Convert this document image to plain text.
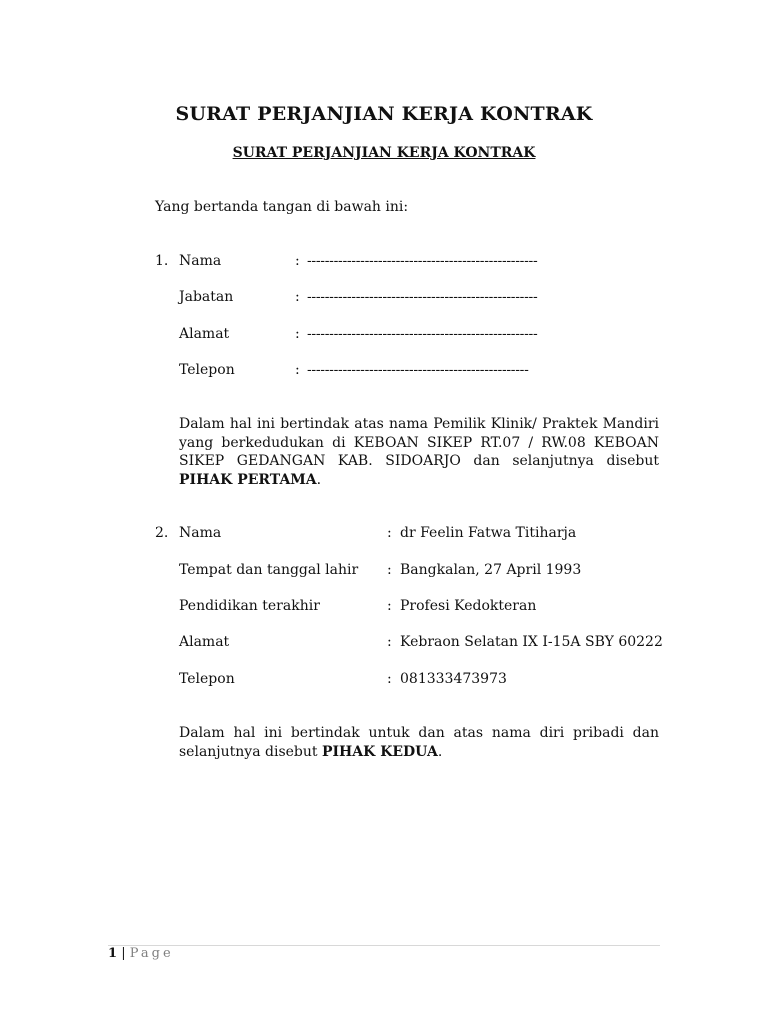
SURAT PERJANJIAN KERJA KONTRAK
SURAT PERJANJIAN KERJA KONTRAK
Yang bertanda tangan di bawah ini:
1. Nama	: ----------------------------------------------------
Jabatan	: ----------------------------------------------------
Alamat	: ----------------------------------------------------
Telepon	: --------------------------------------------------
Dalam hal ini bertindak atas nama Pemilik Klinik/ Praktek Mandiri yang berkedudukan di KEBOAN SIKEP RT.07 / RW.08 KEBOAN SIKEP GEDANGAN KAB. SIDOARJO dan selanjutnya disebut PIHAK PERTAMA.
2. Nama	: dr Feelin Fatwa Titiharja
Tempat dan tanggal lahir : Bangkalan, 27 April 1993
Pendidikan terakhir	: Profesi Kedokteran
Alamat	: Kebraon Selatan IX I-15A SBY 60222
Telepon	: 081333473973
Dalam hal ini bertindak untuk dan atas nama diri pribadi dan selanjutnya disebut PIHAK KEDUA.
1 | Page
